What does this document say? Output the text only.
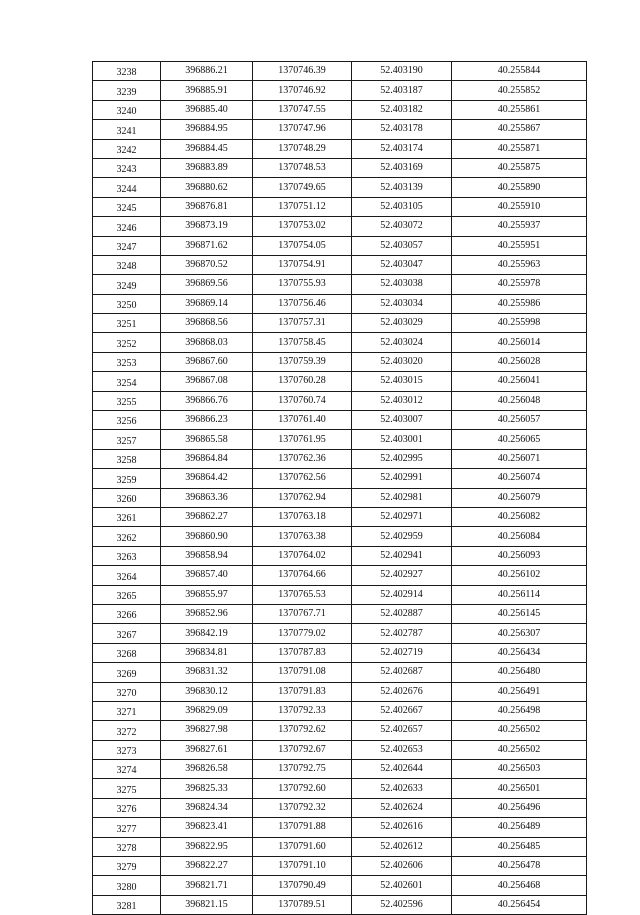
3238	396886.21	1370746.39	52.403190	40.255844
3239	396885.91	1370746.92	52.403187	40.255852
3240	396885.40	1370747.55	52.403182	40.255861
3241	396884.95	1370747.96	52.403178	40.255867
3242	396884.45	1370748.29	52.403174	40.255871
3243	396883.89	1370748.53	52.403169	40.255875
3244	396880.62	1370749.65	52.403139	40.255890
3245	396876.81	1370751.12	52.403105	40.255910
3246	396873.19	1370753.02	52.403072	40.255937
3247	396871.62	1370754.05	52.403057	40.255951
3248	396870.52	1370754.91	52.403047	40.255963
3249	396869.56	1370755.93	52.403038	40.255978
3250	396869.14	1370756.46	52.403034	40.255986
3251	396868.56	1370757.31	52.403029	40.255998
3252	396868.03	1370758.45	52.403024	40.256014
3253	396867.60	1370759.39	52.403020	40.256028
3254	396867.08	1370760.28	52.403015	40.256041
3255	396866.76	1370760.74	52.403012	40.256048
3256	396866.23	1370761.40	52.403007	40.256057
3257	396865.58	1370761.95	52.403001	40.256065
3258	396864.84	1370762.36	52.402995	40.256071
3259	396864.42	1370762.56	52.402991	40.256074
3260	396863.36	1370762.94	52.402981	40.256079
3261	396862.27	1370763.18	52.402971	40.256082
3262	396860.90	1370763.38	52.402959	40.256084
3263	396858.94	1370764.02	52.402941	40.256093
3264	396857.40	1370764.66	52.402927	40.256102
3265	396855.97	1370765.53	52.402914	40.256114
3266	396852.96	1370767.71	52.402887	40.256145
3267	396842.19	1370779.02	52.402787	40.256307
3268	396834.81	1370787.83	52.402719	40.256434
3269	396831.32	1370791.08	52.402687	40.256480
3270	396830.12	1370791.83	52.402676	40.256491
3271	396829.09	1370792.33	52.402667	40.256498
3272	396827.98	1370792.62	52.402657	40.256502
3273	396827.61	1370792.67	52.402653	40.256502
3274	396826.58	1370792.75	52.402644	40.256503
3275	396825.33	1370792.60	52.402633	40.256501
3276	396824.34	1370792.32	52.402624	40.256496
3277	396823.41	1370791.88	52.402616	40.256489
3278	396822.95	1370791.60	52.402612	40.256485
3279	396822.27	1370791.10	52.402606	40.256478
3280	396821.71	1370790.49	52.402601	40.256468
3281	396821.15	1370789.51	52.402596	40.256454
